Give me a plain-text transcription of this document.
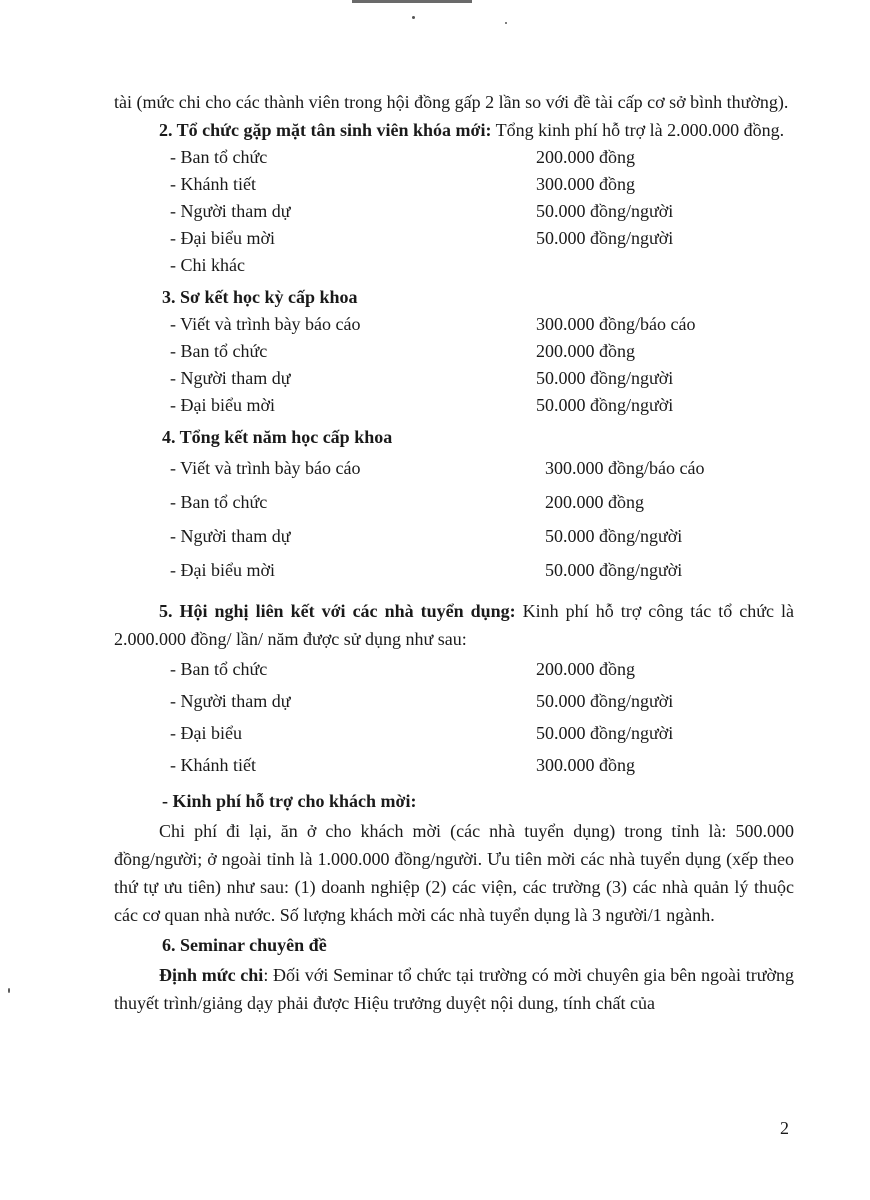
tài (mức chi cho các thành viên trong hội đồng gấp 2 lần so với đề tài cấp cơ sở bình thường).

2. Tổ chức gặp mặt tân sinh viên khóa mới: Tổng kinh phí hỗ trợ là 2.000.000 đồng.

- Ban tổ chức	200.000 đồng
- Khánh tiết	300.000 đồng
- Người tham dự	50.000 đồng/người
- Đại biểu mời	50.000 đồng/người
- Chi khác

3. Sơ kết học kỳ cấp khoa

- Viết và trình bày báo cáo	300.000 đồng/báo cáo
- Ban tổ chức	200.000 đồng
- Người tham dự	50.000 đồng/người
- Đại biểu mời	50.000 đồng/người

4. Tổng kết năm học cấp khoa

- Viết và trình bày báo cáo	300.000 đồng/báo cáo
- Ban tổ chức	200.000 đồng
- Người tham dự	50.000 đồng/người
- Đại biểu mời	50.000 đồng/người

5. Hội nghị liên kết với các nhà tuyển dụng: Kinh phí hỗ trợ công tác tổ chức là 2.000.000 đồng/ lần/ năm được sử dụng như sau:

- Ban tổ chức	200.000 đồng
- Người tham dự	50.000 đồng/người
- Đại biểu	50.000 đồng/người
- Khánh tiết	300.000 đồng

- Kinh phí hỗ trợ cho khách mời:

Chi phí đi lại, ăn ở cho khách mời (các nhà tuyển dụng) trong tỉnh là: 500.000 đồng/người; ở ngoài tỉnh là 1.000.000 đồng/người. Ưu tiên mời các nhà tuyển dụng (xếp theo thứ tự ưu tiên) như sau: (1) doanh nghiệp (2) các viện, các trường (3) các nhà quản lý thuộc các cơ quan nhà nước. Số lượng khách mời các nhà tuyển dụng là 3 người/1 ngành.

6. Seminar chuyên đề

Định mức chi: Đối với Seminar tổ chức tại trường có mời chuyên gia bên ngoài trường thuyết trình/giảng dạy phải được Hiệu trưởng duyệt nội dung, tính chất của

2
